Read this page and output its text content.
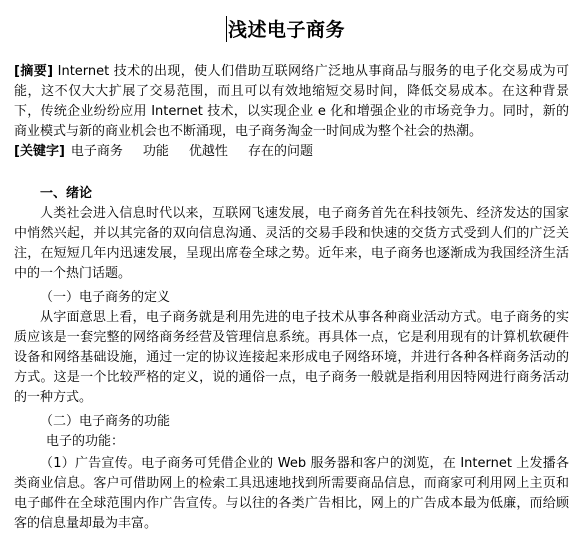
浅述电子商务
[摘要] Internet 技术的出现，使人们借助互联网络广泛地从事商品与服务的电子化交易成为可能，这不仅大大扩展了交易范围，而且可以有效地缩短交易时间，降低交易成本。在这种背景下，传统企业纷纷应用 Internet 技术，以实现企业 e 化和增强企业的市场竞争力。同时，新的商业模式与新的商业机会也不断涌现，电子商务淘金一时间成为整个社会的热潮。
[关键字] 电子商务 功能 优越性 存在的问题
一、绪论
人类社会进入信息时代以来，互联网飞速发展，电子商务首先在科技领先、经济发达的国家中悄然兴起，并以其完备的双向信息沟通、灵活的交易手段和快速的交货方式受到人们的广泛关注，在短短几年内迅速发展，呈现出席卷全球之势。近年来，电子商务也逐渐成为我国经济生活中的一个热门话题。
（一）电子商务的定义
从字面意思上看，电子商务就是利用先进的电子技术从事各种商业活动方式。电子商务的实质应该是一套完整的网络商务经营及管理信息系统。再具体一点，它是利用现有的计算机软硬件设备和网络基础设施，通过一定的协议连接起来形成电子网络环境，并进行各种各样商务活动的方式。这是一个比较严格的定义，说的通俗一点，电子商务一般就是指利用因特网进行商务活动的一种方式。
（二）电子商务的功能
电子的功能：
（1）广告宣传。电子商务可凭借企业的 Web 服务器和客户的浏览，在 Internet 上发播各类商业信息。客户可借助网上的检索工具迅速地找到所需要商品信息，而商家可利用网上主页和电子邮件在全球范围内作广告宣传。与以往的各类广告相比，网上的广告成本最为低廉，而给顾客的信息量却最为丰富。
